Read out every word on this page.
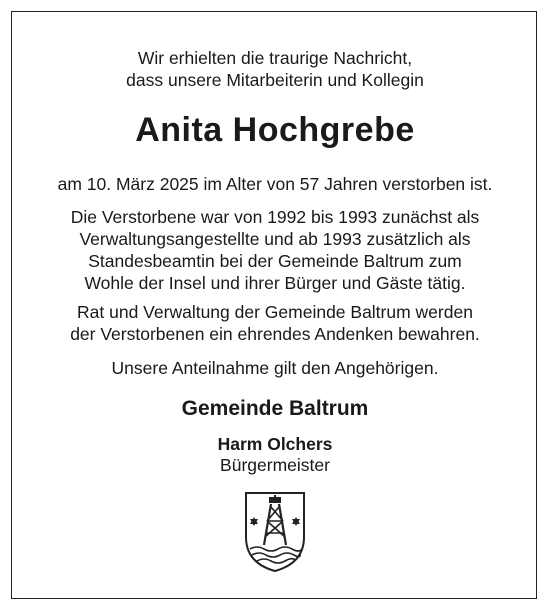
Wir erhielten die traurige Nachricht,

dass unsere Mitarbeiterin und Kollegin

Anita Hochgrebe

am 10. März 2025 im Alter von 57 Jahren verstorben ist.

Die Verstorbene war von 1992 bis 1993 zunächst als

Verwaltungsangestellte und ab 1993 zusätzlich als

Standesbeamtin bei der Gemeinde Baltrum zum

Wohle der Insel und ihrer Bürger und Gäste tätig.

Rat und Verwaltung der Gemeinde Baltrum werden

der Verstorbenen ein ehrendes Andenken bewahren.

Unsere Anteilnahme gilt den Angehörigen.

Gemeinde Baltrum
Harm Olchers
Bürgermeister
